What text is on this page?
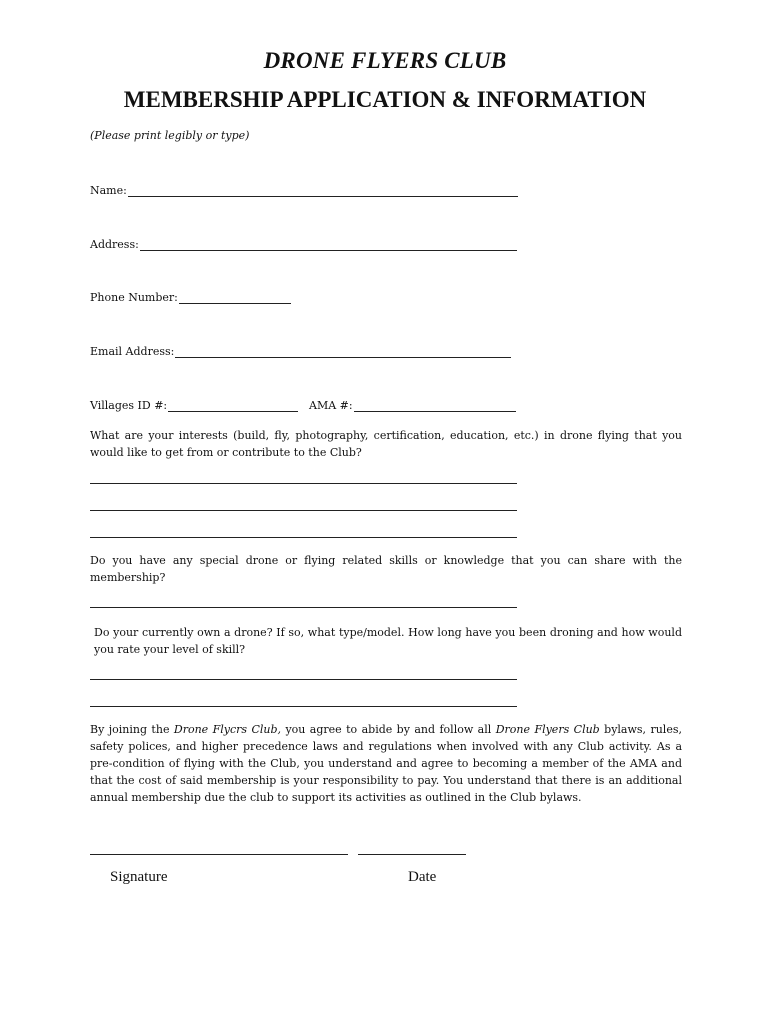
DRONE FLYERS CLUB
MEMBERSHIP APPLICATION & INFORMATION
(Please print legibly or type)
Name:
Address:
Phone Number:
Email Address:
Villages ID #:	AMA #:
What are your interests (build, fly, photography, certification, education, etc.) in drone flying that you would like to get from or contribute to the Club?
Do you have any special drone or flying related skills or knowledge that you can share with the membership?
Do your currently own a drone? If so, what type/model. How long have you been droning and how would you rate your level of skill?
By joining the Drone Flycrs Club, you agree to abide by and follow all Drone Flyers Club bylaws, rules, safety polices, and higher precedence laws and regulations when involved with any Club activity. As a pre-condition of flying with the Club, you understand and agree to becoming a member of the AMA and that the cost of said membership is your responsibility to pay. You understand that there is an additional annual membership due the club to support its activities as outlined in the Club bylaws.
Signature	Date
